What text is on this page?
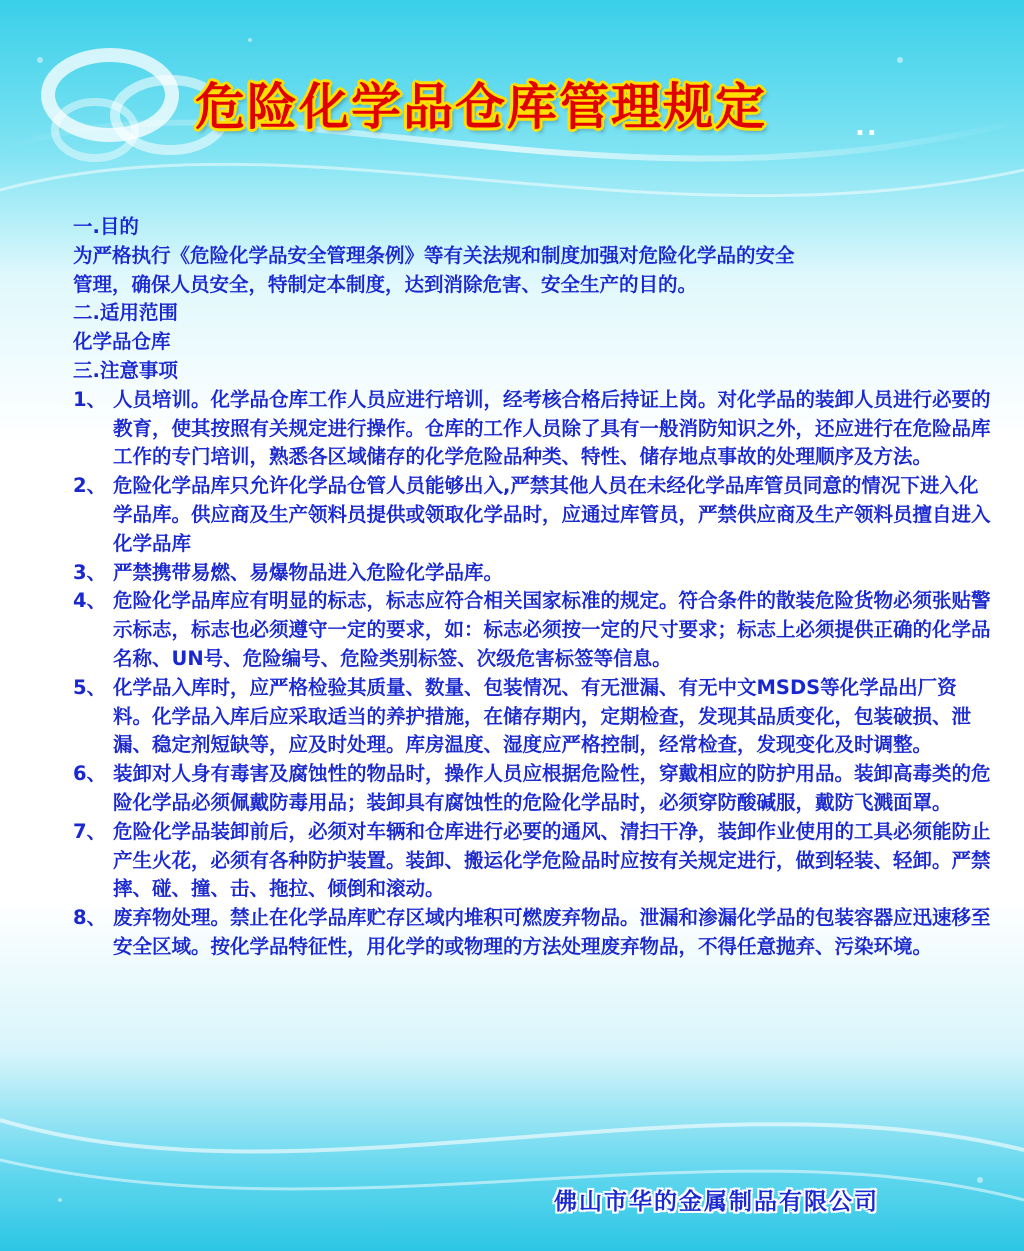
危险化学品仓库管理规定	..
一.目的
为严格执行《危险化学品安全管理条例》等有关法规和制度加强对危险化学品的安全
管理，确保人员安全，特制定本制度，达到消除危害、安全生产的目的。
二.适用范围
化学品仓库
三.注意事项
1、 人员培训。化学品仓库工作人员应进行培训，经考核合格后持证上岗。对化学品的装卸人员进行必要的教育，使其按照有关规定进行操作。仓库的工作人员除了具有一般消防知识之外，还应进行在危险品库工作的专门培训，熟悉各区域储存的化学危险品种类、特性、储存地点事故的处理顺序及方法。
2、 危险化学品库只允许化学品仓管人员能够出入,严禁其他人员在未经化学品库管员同意的情况下进入化学品库。供应商及生产领料员提供或领取化学品时，应通过库管员，严禁供应商及生产领料员擅自进入化学品库
3、 严禁携带易燃、易爆物品进入危险化学品库。
4、 危险化学品库应有明显的标志，标志应符合相关国家标准的规定。符合条件的散装危险货物必须张贴警示标志，标志也必须遵守一定的要求，如：标志必须按一定的尺寸要求；标志上必须提供正确的化学品名称、UN号、危险编号、危险类别标签、次级危害标签等信息。
5、 化学品入库时，应严格检验其质量、数量、包装情况、有无泄漏、有无中文MSDS等化学品出厂资料。化学品入库后应采取适当的养护措施，在储存期内，定期检查，发现其品质变化，包装破损、泄漏、稳定剂短缺等，应及时处理。库房温度、湿度应严格控制，经常检查，发现变化及时调整。
6、 装卸对人身有毒害及腐蚀性的物品时，操作人员应根据危险性，穿戴相应的防护用品。装卸高毒类的危险化学品必须佩戴防毒用品；装卸具有腐蚀性的危险化学品时，必须穿防酸碱服，戴防飞溅面罩。
7、 危险化学品装卸前后，必须对车辆和仓库进行必要的通风、清扫干净，装卸作业使用的工具必须能防止产生火花，必须有各种防护装置。装卸、搬运化学危险品时应按有关规定进行，做到轻装、轻卸。严禁摔、碰、撞、击、拖拉、倾倒和滚动。
8、 废弃物处理。禁止在化学品库贮存区域内堆积可燃废弃物品。泄漏和渗漏化学品的包装容器应迅速移至安全区域。按化学品特征性，用化学的或物理的方法处理废弃物品，不得任意抛弃、污染环境。
佛山市华的金属制品有限公司
